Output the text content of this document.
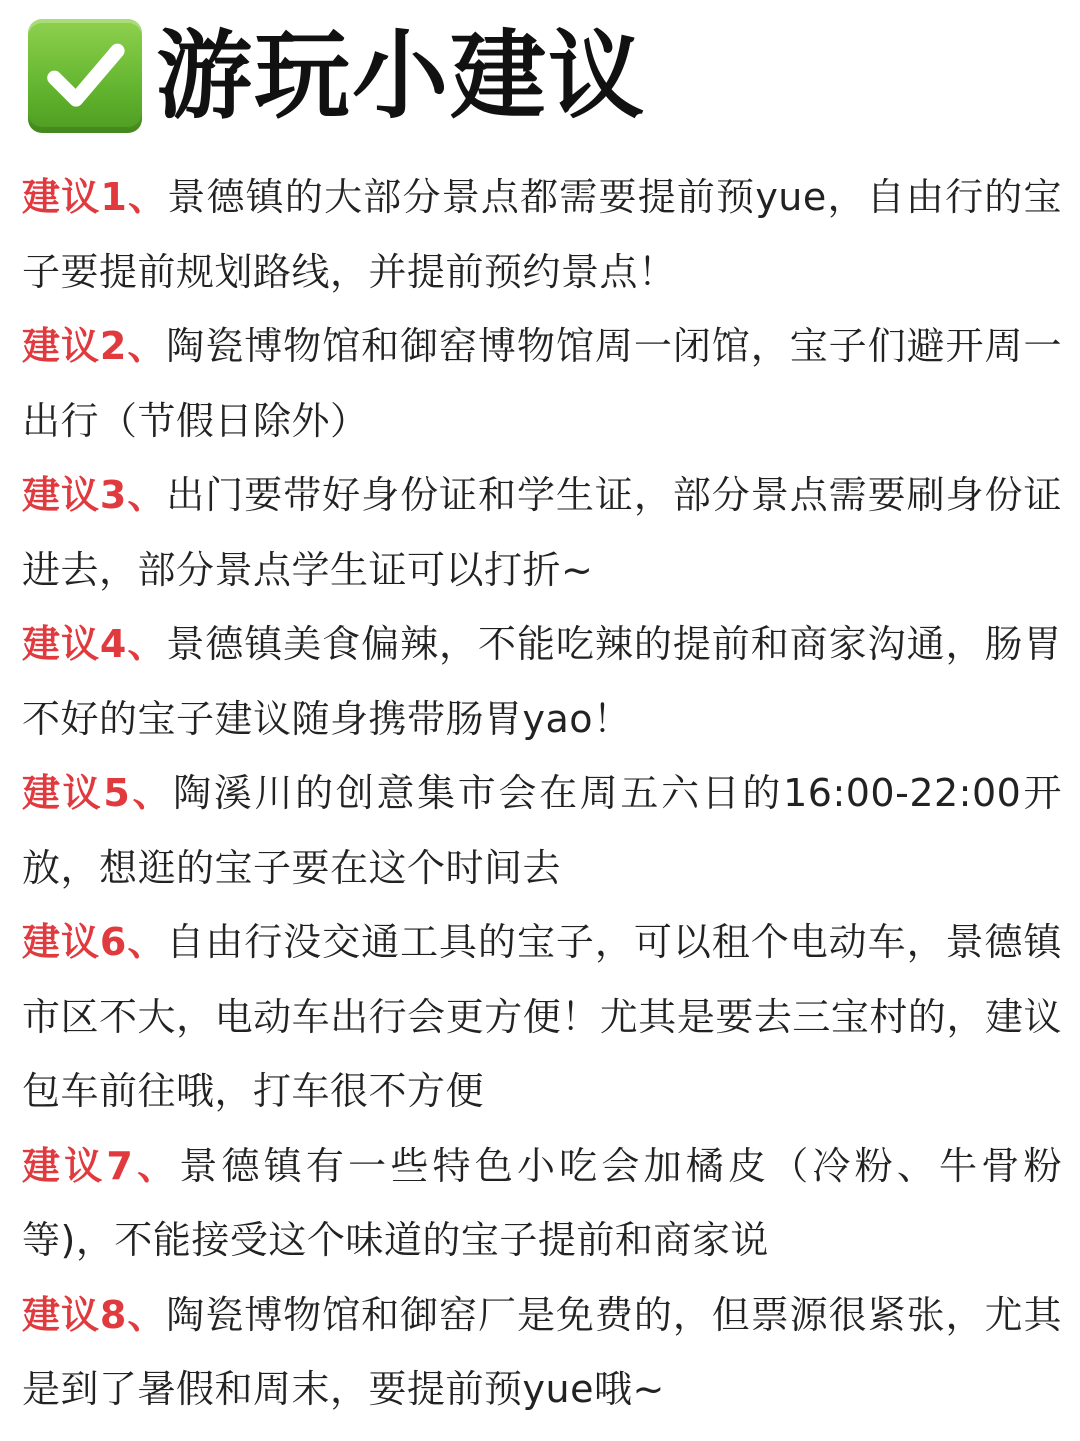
游玩小建议
建议1、景德镇的大部分景点都需要提前预yue，自由行的宝子要提前规划路线，并提前预约景点！
建议2、陶瓷博物馆和御窑博物馆周一闭馆，宝子们避开周一出行（节假日除外）
建议3、出门要带好身份证和学生证，部分景点需要刷身份证进去，部分景点学生证可以打折~
建议4、景德镇美食偏辣，不能吃辣的提前和商家沟通，肠胃不好的宝子建议随身携带肠胃yao！
建议5、陶溪川的创意集市会在周五六日的16:00-22:00开放，想逛的宝子要在这个时间去
建议6、自由行没交通工具的宝子，可以租个电动车，景德镇市区不大，电动车出行会更方便！尤其是要去三宝村的，建议包车前往哦，打车很不方便
建议7、景德镇有一些特色小吃会加橘皮（冷粉、牛骨粉等)，不能接受这个味道的宝子提前和商家说
建议8、陶瓷博物馆和御窑厂是免费的，但票源很紧张，尤其是到了暑假和周末，要提前预yue哦~
